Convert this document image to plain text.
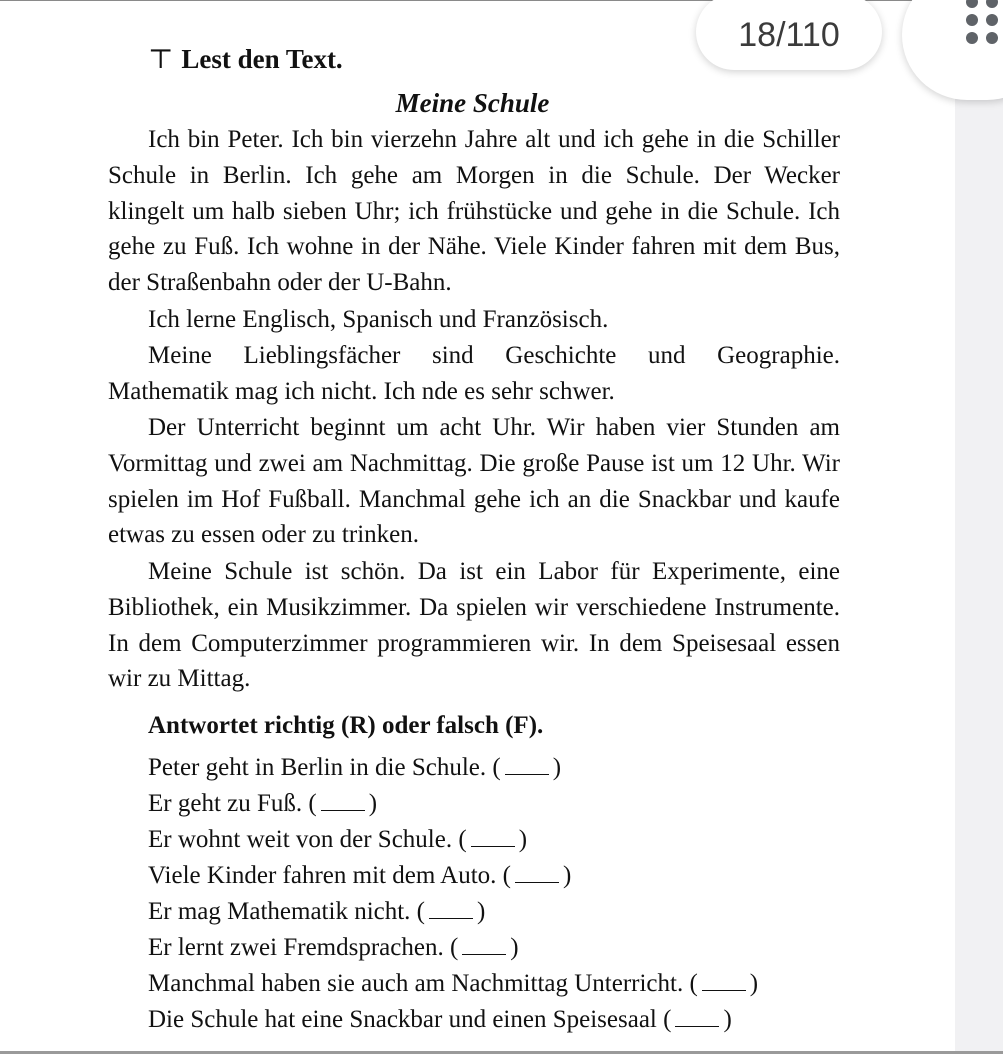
⊤ Lest den Text.
Meine Schule
Ich bin Peter. Ich bin vierzehn Jahre alt und ich gehe in die Schiller Schule in Berlin. Ich gehe am Morgen in die Schule. Der Wecker klingelt um halb sieben Uhr; ich frühstücke und gehe in die Schule. Ich gehe zu Fuß. Ich wohne in der Nähe. Viele Kinder fahren mit dem Bus, der Straßenbahn oder der U-Bahn.
Ich lerne Englisch, Spanisch und Französisch.
Meine Lieblingsfächer sind Geschichte und Geographie. Mathematik mag ich nicht. Ich nde es sehr schwer.
Der Unterricht beginnt um acht Uhr. Wir haben vier Stunden am Vormittag und zwei am Nachmittag. Die große Pause ist um 12 Uhr. Wir spielen im Hof Fußball. Manchmal gehe ich an die Snackbar und kaufe etwas zu essen oder zu trinken.
Meine Schule ist schön. Da ist ein Labor für Experimente, eine Bibliothek, ein Musikzimmer. Da spielen wir verschiedene Instrumente. In dem Computerzimmer programmieren wir. In dem Speisesaal essen wir zu Mittag.
Antwortet richtig (R) oder falsch (F).
Peter geht in Berlin in die Schule. ( )
Er geht zu Fuß. ( )
Er wohnt weit von der Schule. ( )
Viele Kinder fahren mit dem Auto. ( )
Er mag Mathematik nicht. ( )
Er lernt zwei Fremdsprachen. ( )
Manchmal haben sie auch am Nachmittag Unterricht. ( )
Die Schule hat eine Snackbar und einen Speisesaal ( )
18/110
